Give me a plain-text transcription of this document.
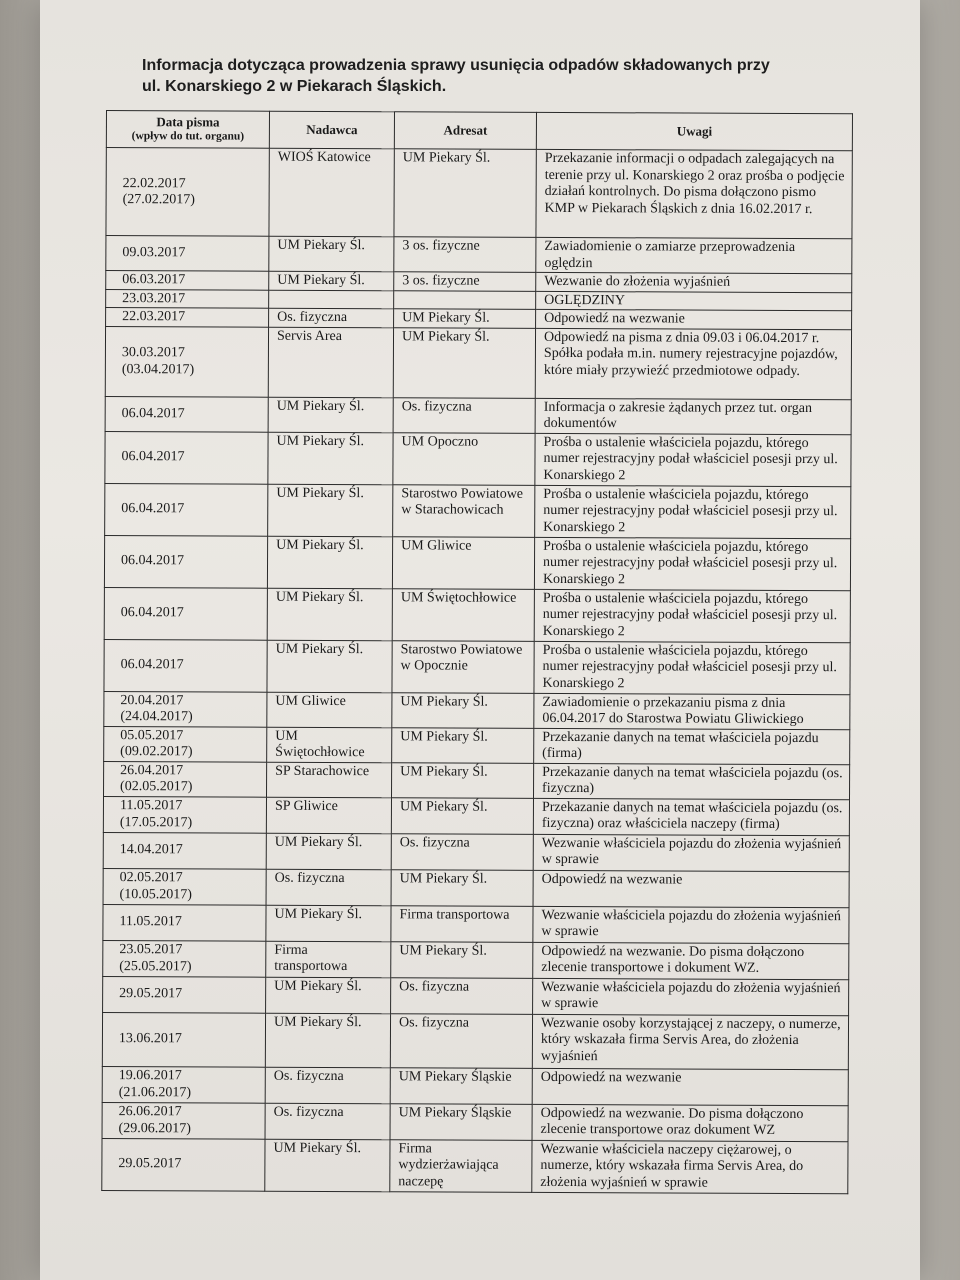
Informacja dotycząca prowadzenia sprawy usunięcia odpadów składowanych przy
ul. Konarskiego 2 w Piekarach Śląskich.
Data pisma
(wpływ do tut. organu)	Nadawca	Adresat	Uwagi

22.02.2017
(27.02.2017)	WIOŚ Katowice	UM Piekary Śl.	Przekazanie informacji o odpadach zalegających na terenie przy ul. Konarskiego 2 oraz prośba o podjęcie działań kontrolnych. Do pisma dołączono pismo KMP w Piekarach Śląskich z dnia 16.02.2017 r.

09.03.2017	UM Piekary Śl.	3 os. fizyczne	Zawiadomienie o zamiarze przeprowadzenia oględzin

06.03.2017	UM Piekary Śl.	3 os. fizyczne	Wezwanie do złożenia wyjaśnień

23.03.2017			OGLĘDZINY

22.03.2017	Os. fizyczna	UM Piekary Śl.	Odpowiedź na wezwanie

30.03.2017
(03.04.2017)	Servis Area	UM Piekary Śl.	Odpowiedź na pisma z dnia 09.03 i 06.04.2017 r. Spółka podała m.in. numery rejestracyjne pojazdów, które miały przywieźć przedmiotowe odpady.

06.04.2017	UM Piekary Śl.	Os. fizyczna	Informacja o zakresie żądanych przez tut. organ dokumentów

06.04.2017	UM Piekary Śl.	UM Opoczno	Prośba o ustalenie właściciela pojazdu, którego numer rejestracyjny podał właściciel posesji przy ul. Konarskiego 2

06.04.2017	UM Piekary Śl.	Starostwo Powiatowe w Starachowicach	Prośba o ustalenie właściciela pojazdu, którego numer rejestracyjny podał właściciel posesji przy ul. Konarskiego 2

06.04.2017	UM Piekary Śl.	UM Gliwice	Prośba o ustalenie właściciela pojazdu, którego numer rejestracyjny podał właściciel posesji przy ul. Konarskiego 2

06.04.2017	UM Piekary Śl.	UM Świętochłowice	Prośba o ustalenie właściciela pojazdu, którego numer rejestracyjny podał właściciel posesji przy ul. Konarskiego 2

06.04.2017	UM Piekary Śl.	Starostwo Powiatowe w Opocznie	Prośba o ustalenie właściciela pojazdu, którego numer rejestracyjny podał właściciel posesji przy ul. Konarskiego 2

20.04.2017
(24.04.2017)	UM Gliwice	UM Piekary Śl.	Zawiadomienie o przekazaniu pisma z dnia 06.04.2017 do Starostwa Powiatu Gliwickiego

05.05.2017
(09.02.2017)	UM Świętochłowice	UM Piekary Śl.	Przekazanie danych na temat właściciela pojazdu (firma)

26.04.2017
(02.05.2017)	SP Starachowice	UM Piekary Śl.	Przekazanie danych na temat właściciela pojazdu (os. fizyczna)

11.05.2017
(17.05.2017)	SP Gliwice	UM Piekary Śl.	Przekazanie danych na temat właściciela pojazdu (os. fizyczna) oraz właściciela naczepy (firma)

14.04.2017	UM Piekary Śl.	Os. fizyczna	Wezwanie właściciela pojazdu do złożenia wyjaśnień w sprawie

02.05.2017
(10.05.2017)	Os. fizyczna	UM Piekary Śl.	Odpowiedź na wezwanie

11.05.2017	UM Piekary Śl.	Firma transportowa	Wezwanie właściciela pojazdu do złożenia wyjaśnień w sprawie

23.05.2017
(25.05.2017)	Firma transportowa	UM Piekary Śl.	Odpowiedź na wezwanie. Do pisma dołączono zlecenie transportowe i dokument WZ.

29.05.2017	UM Piekary Śl.	Os. fizyczna	Wezwanie właściciela pojazdu do złożenia wyjaśnień w sprawie

13.06.2017	UM Piekary Śl.	Os. fizyczna	Wezwanie osoby korzystającej z naczepy, o numerze, który wskazała firma Servis Area, do złożenia wyjaśnień

19.06.2017
(21.06.2017)	Os. fizyczna	UM Piekary Śląskie	Odpowiedź na wezwanie

26.06.2017
(29.06.2017)	Os. fizyczna	UM Piekary Śląskie	Odpowiedź na wezwanie. Do pisma dołączono zlecenie transportowe oraz dokument WZ

29.05.2017	UM Piekary Śl.	Firma wydzierżawiająca naczepę	Wezwanie właściciela naczepy ciężarowej, o numerze, który wskazała firma Servis Area, do złożenia wyjaśnień w sprawie
